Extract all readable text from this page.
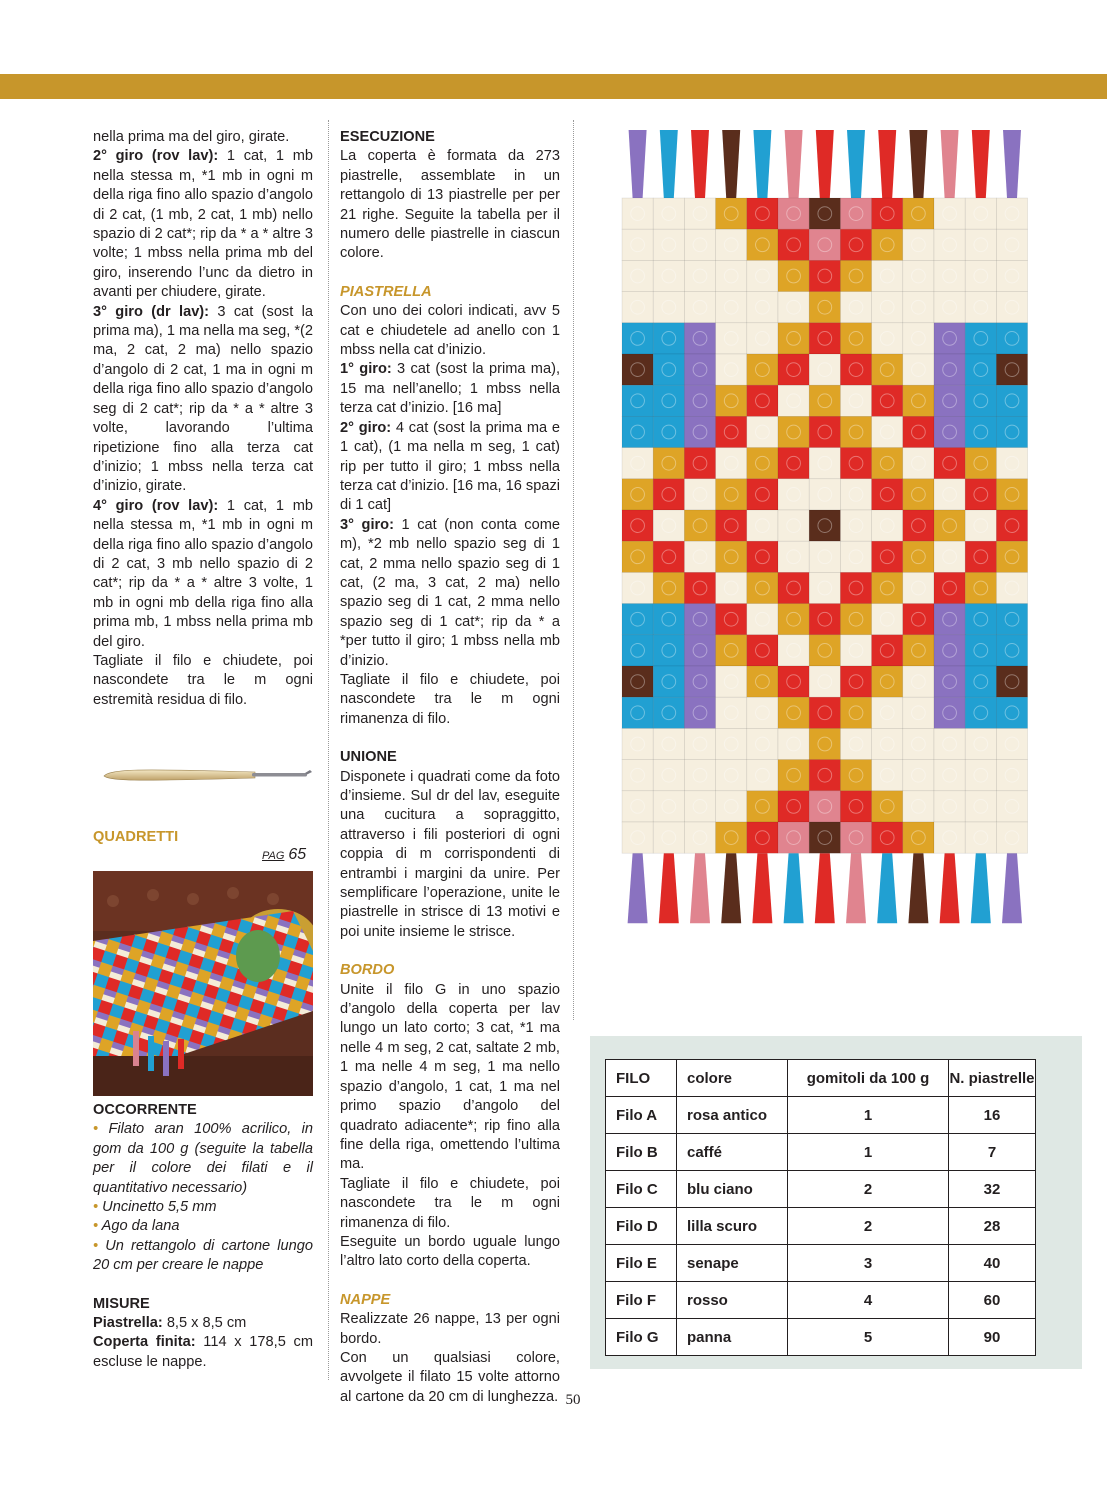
nella prima ma del giro, girate.

2° giro (rov lav): 1 cat, 1 mb nella stessa m, *1 mb in ogni m della riga fino allo spazio d’angolo di 2 cat, (1 mb, 2 cat, 1 mb) nello spazio di 2 cat*; rip da * a * altre 3 volte; 1 mbss nella prima mb del giro, inserendo l’unc da dietro in avanti per chiudere, girate.

3° giro (dr lav): 3 cat (sost la prima ma), 1 ma nella ma seg, *(2 ma, 2 cat, 2 ma) nello spazio d’angolo di 2 cat, 1 ma in ogni m della riga fino allo spazio d’angolo seg di 2 cat*; rip da * a * altre 3 volte, lavorando l’ultima ripetizione fino alla terza cat d’inizio; 1 mbss nella terza cat d’inizio, girate.

4° giro (rov lav): 1 cat, 1 mb nella stessa m, *1 mb in ogni m della riga fino allo spazio d’angolo di 2 cat, 3 mb nello spazio di 2 cat*; rip da * a * altre 3 volte, 1 mb in ogni mb della riga fino alla prima mb, 1 mbss nella prima mb del giro.

Tagliate il filo e chiudete, poi nascondete tra le m ogni estremità residua di filo.

QUADRETTI

PAG 65

OCCORRENTE

• Filato aran 100% acrilico, in gom da 100 g (seguite la tabella per il colore dei filati e il quantitativo necessario)

• Uncinetto 5,5 mm

• Ago da lana

• Un rettangolo di cartone lungo 20 cm per creare le nappe

MISURE

Piastrella: 8,5 x 8,5 cm

Coperta finita: 114 x 178,5 cm escluse le nappe.

ESECUZIONE

La coperta è formata da 273 piastrelle, assemblate in un rettangolo di 13 piastrelle per per 21 righe. Seguite la tabella per il numero delle piastrelle in ciascun colore.

PIASTRELLA

Con uno dei colori indicati, avv 5 cat e chiudetele ad anello con 1 mbss nella cat d’inizio.

1° giro: 3 cat (sost la prima ma), 15 ma nell’anello; 1 mbss nella terza cat d’inizio. [16 ma]

2° giro: 4 cat (sost la prima ma e 1 cat), (1 ma nella m seg, 1 cat) rip per tutto il giro; 1 mbss nella terza cat d’inizio. [16 ma, 16 spazi di 1 cat]

3° giro: 1 cat (non conta come m), *2 mb nello spazio seg di 1 cat, 2 mma nello spazio seg di 1 cat, (2 ma, 3 cat, 2 ma) nello spazio seg di 1 cat, 2 mma nello spazio seg di 1 cat*; rip da * a *per tutto il giro; 1 mbss nella mb d’inizio.

Tagliate il filo e chiudete, poi nascondete tra le m ogni rimanenza di filo.

UNIONE

Disponete i quadrati come da foto d’insieme. Sul dr del lav, eseguite una cucitura a sopraggitto, attraverso i fili posteriori di ogni coppia di m corrispondenti di entrambi i margini da unire. Per semplificare l’operazione, unite le piastrelle in strisce di 13 motivi e poi unite insieme le strisce.

BORDO

Unite il filo G in uno spazio d’angolo della coperta per lav lungo un lato corto; 3 cat, *1 ma nelle 4 m seg, 2 cat, saltate 2 mb, 1 ma nelle 4 m seg, 1 ma nello spazio d’angolo, 1 cat, 1 ma nel primo spazio d’angolo del quadrato adiacente*; rip fino alla fine della riga, omettendo l’ultima ma.

Tagliate il filo e chiudete, poi nascondete tra le m ogni rimanenza di filo.

Eseguite un bordo uguale lungo l’altro lato corto della coperta.

NAPPE

Realizzate 26 nappe, 13 per ogni bordo.

Con un qualsiasi colore, avvolgete il filato 15 volte attorno al cartone da 20 cm di lunghezza.

FILO	colore	gomitoli da 100 g	N. piastrelle
Filo A	rosa antico	1	16
Filo B	caffé	1	7
Filo C	blu ciano	2	32
Filo D	lilla scuro	2	28
Filo E	senape	3	40
Filo F	rosso	4	60
Filo G	panna	5	90
50
